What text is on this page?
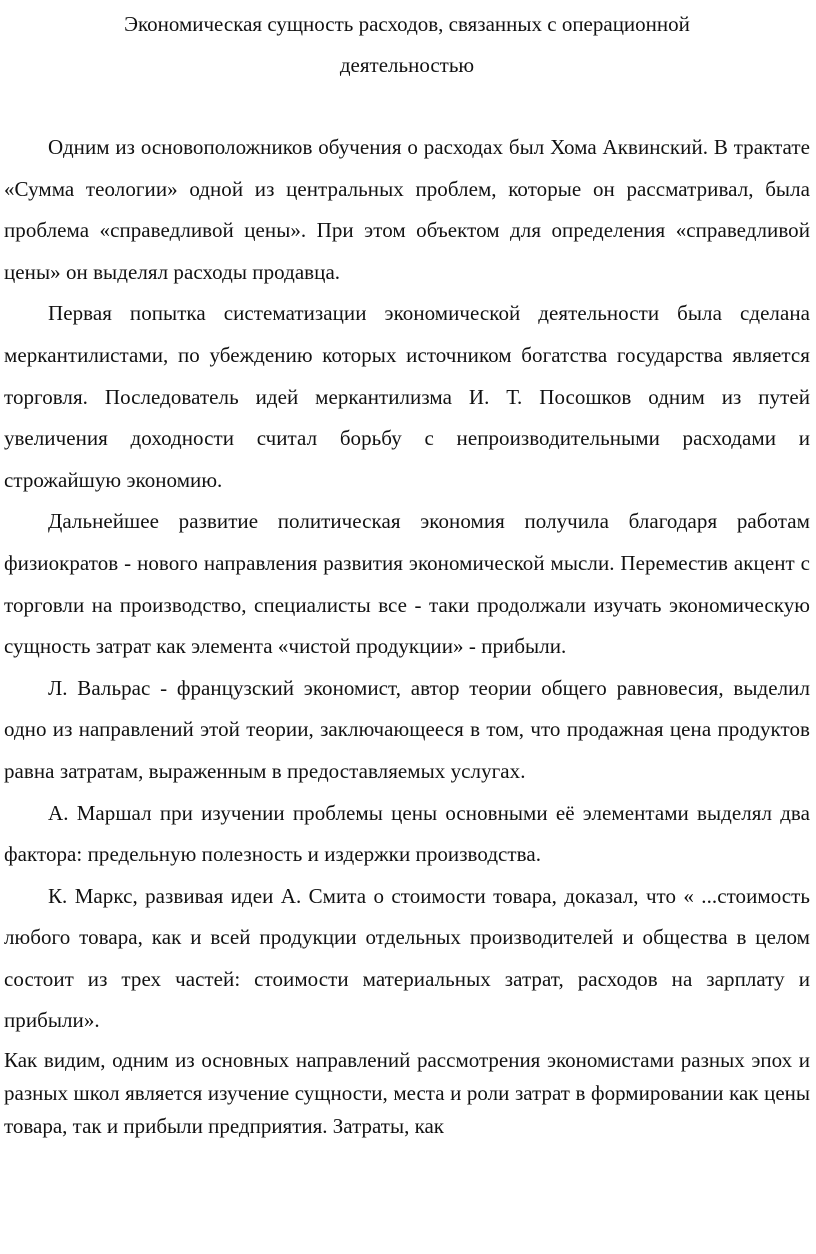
Экономическая сущность расходов, связанных с операционной
деятельностью

Одним из основоположников обучения о расходах был Хома Аквинский. В трактате «Сумма теологии» одной из центральных проблем, которые он рассматривал, была проблема «справедливой цены». При этом объектом для определения «справедливой цены» он выделял расходы продавца.

Первая попытка систематизации экономической деятельности была сделана меркантилистами, по убеждению которых источником богатства государства является торговля. Последователь идей меркантилизма И. Т. Посошков одним из путей увеличения доходности считал борьбу с непроизводительными расходами и строжайшую экономию.

Дальнейшее развитие политическая экономия получила благодаря работам физиократов - нового направления развития экономической мысли. Переместив акцент с торговли на производство, специалисты все - таки продолжали изучать экономическую сущность затрат как элемента «чистой продукции» - прибыли.

Л. Вальрас - французский экономист, автор теории общего равновесия, выделил одно из направлений этой теории, заключающееся в том, что продажная цена продуктов равна затратам, выраженным в предоставляемых услугах.

А. Маршал при изучении проблемы цены основными её элементами выделял два фактора: предельную полезность и издержки производства.

К. Маркс, развивая идеи А. Смита о стоимости товара, доказал, что « ...стоимость любого товара, как и всей продукции отдельных производителей и общества в целом состоит из трех частей: стоимости материальных затрат, расходов на зарплату и прибыли».

Как видим, одним из основных направлений рассмотрения экономистами разных эпох и разных школ является изучение сущности, места и роли затрат в формировании как цены товара, так и прибыли предприятия. Затраты, как
